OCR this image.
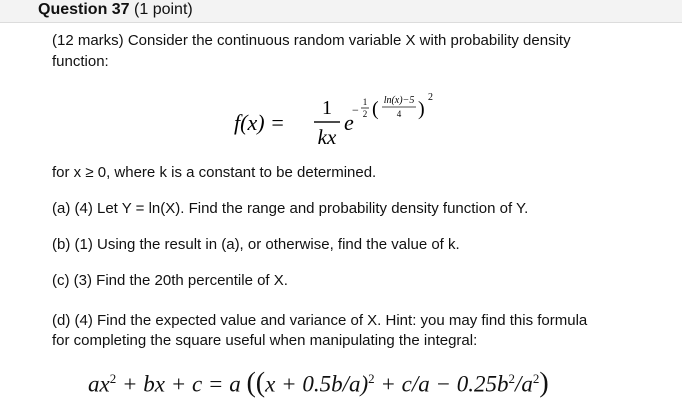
Question 37 (1 point)
(12 marks) Consider the continuous random variable X with probability density
function:
f(x) =
1
kx
e
−
1
2 ( ln(x)−5
4 )
2
for x ≥ 0, where k is a constant to be determined.
(a) (4) Let Y = ln(X). Find the range and probability density function of Y.
(b) (1) Using the result in (a), or otherwise, find the value of k.
(c) (3) Find the 20th percentile of X.
(d) (4) Find the expected value and variance of X. Hint: you may find this formula
for completing the square useful when manipulating the integral:
$ax^2$ + bx + c = a $((x + 0.5b/a)^2 + c/a - 0.25b^2/a^2)$
